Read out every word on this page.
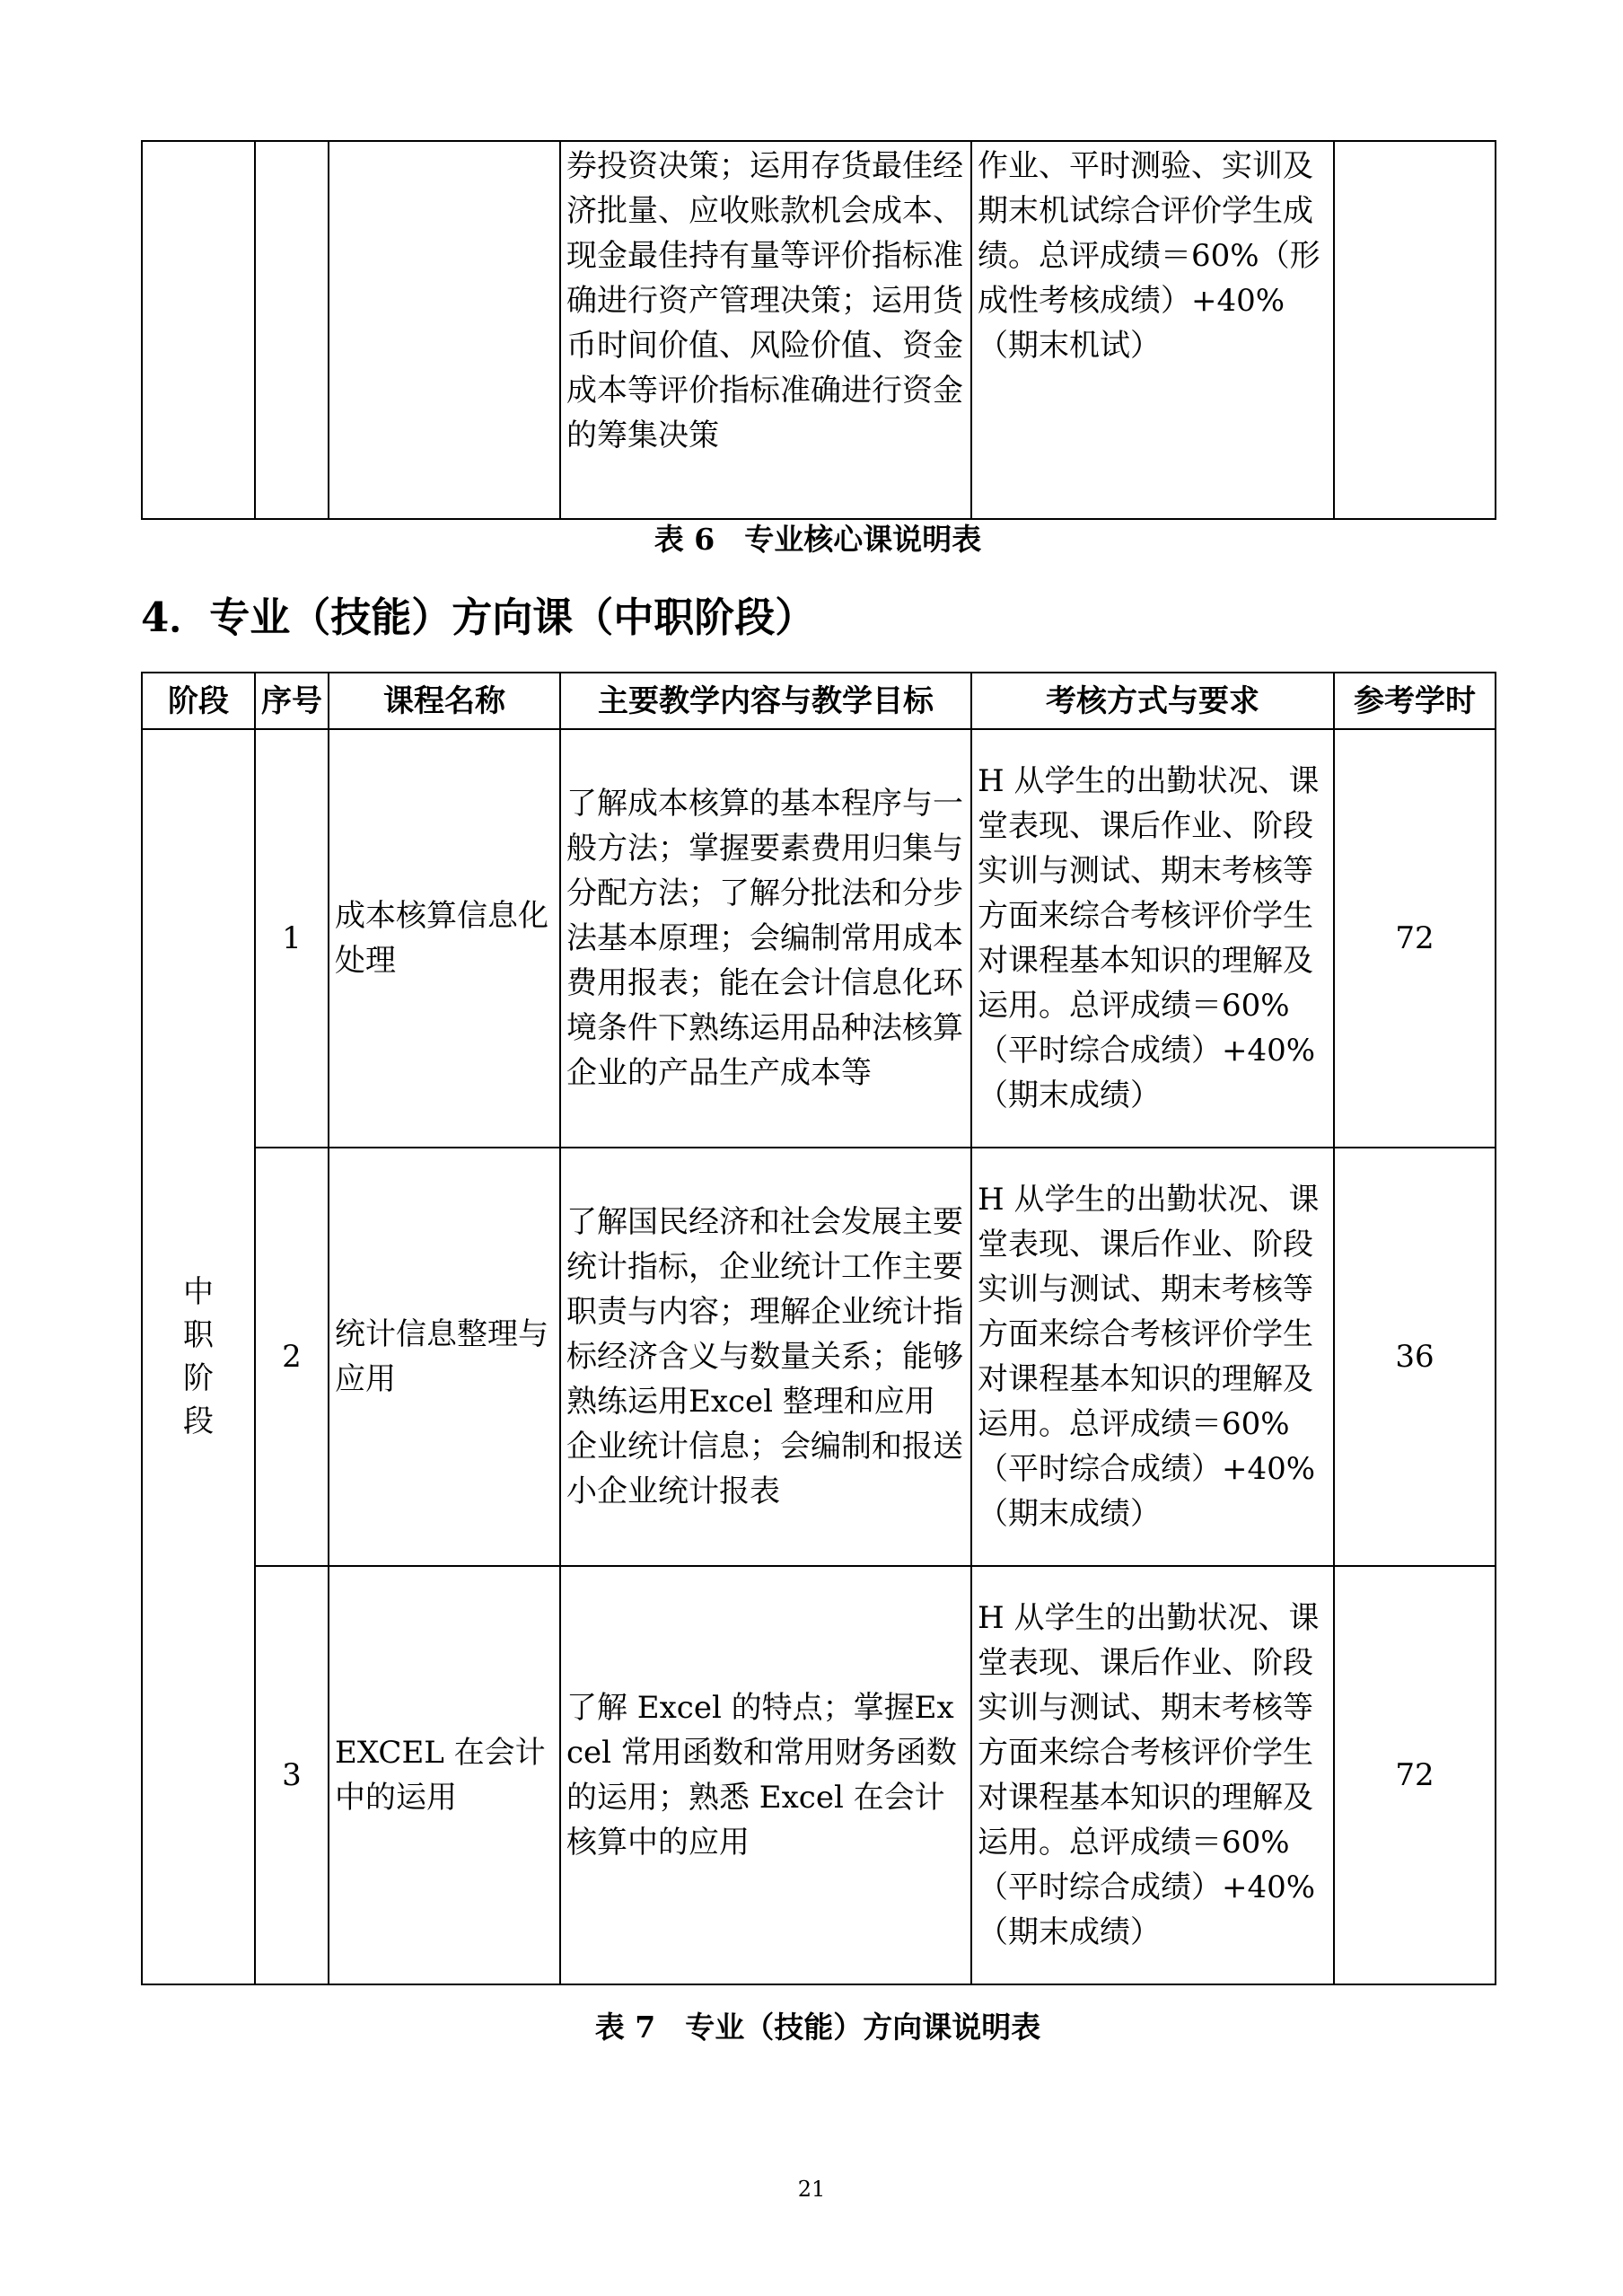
			券投资决策；运用存货最佳经济批量、应收账款机会成本、现金最佳持有量等评价指标准确进行资产管理决策；运用货币时间价值、风险价值、资金成本等评价指标准确进行资金的筹集决策	作业、平时测验、实训及期末机试综合评价学生成绩。总评成绩＝60%（形成性考核成绩）+40%（期末机试）	
表 6　专业核心课说明表
4．专业（技能）方向课（中职阶段）
阶段	序号	课程名称	主要教学内容与教学目标	考核方式与要求	参考学时
中职阶段	1	成本核算信息化处理	了解成本核算的基本程序与一般方法；掌握要素费用归集与分配方法；了解分批法和分步法基本原理；会编制常用成本费用报表；能在会计信息化环境条件下熟练运用品种法核算企业的产品生产成本等	H 从学生的出勤状况、课堂表现、课后作业、阶段实训与测试、期末考核等方面来综合考核评价学生对课程基本知识的理解及运用。总评成绩＝60%（平时综合成绩）+40%（期末成绩）	72
	2	统计信息整理与应用	了解国民经济和社会发展主要统计指标，企业统计工作主要职责与内容；理解企业统计指标经济含义与数量关系；能够熟练运用Excel 整理和应用企业统计信息；会编制和报送小企业统计报表	H 从学生的出勤状况、课堂表现、课后作业、阶段实训与测试、期末考核等方面来综合考核评价学生对课程基本知识的理解及运用。总评成绩＝60%（平时综合成绩）+40%（期末成绩）	36
	3	EXCEL 在会计中的运用	了解 Excel 的特点；掌握Excel 常用函数和常用财务函数的运用；熟悉 Excel 在会计核算中的应用	H 从学生的出勤状况、课堂表现、课后作业、阶段实训与测试、期末考核等方面来综合考核评价学生对课程基本知识的理解及运用。总评成绩＝60%（平时综合成绩）+40%（期末成绩）	72
表 7　专业（技能）方向课说明表
21
